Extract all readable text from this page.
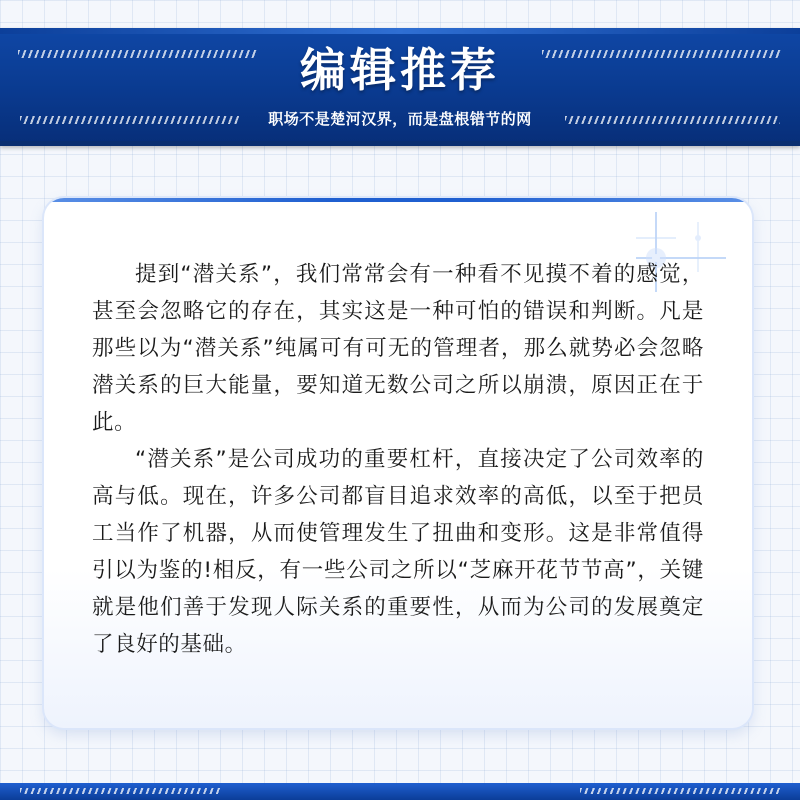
编辑推荐
职场不是楚河汉界，而是盘根错节的网

提到“潜关系”，我们常常会有一种看不见摸不着的感觉，甚至会忽略它的存在，其实这是一种可怕的错误和判断。凡是那些以为“潜关系”纯属可有可无的管理者，那么就势必会忽略潜关系的巨大能量，要知道无数公司之所以崩溃，原因正在于此。

“潜关系”是公司成功的重要杠杆，直接决定了公司效率的高与低。现在，许多公司都盲目追求效率的高低，以至于把员工当作了机器，从而使管理发生了扭曲和变形。这是非常值得引以为鉴的!相反，有一些公司之所以“芝麻开花节节高”，关键就是他们善于发现人际关系的重要性，从而为公司的发展奠定了良好的基础。
